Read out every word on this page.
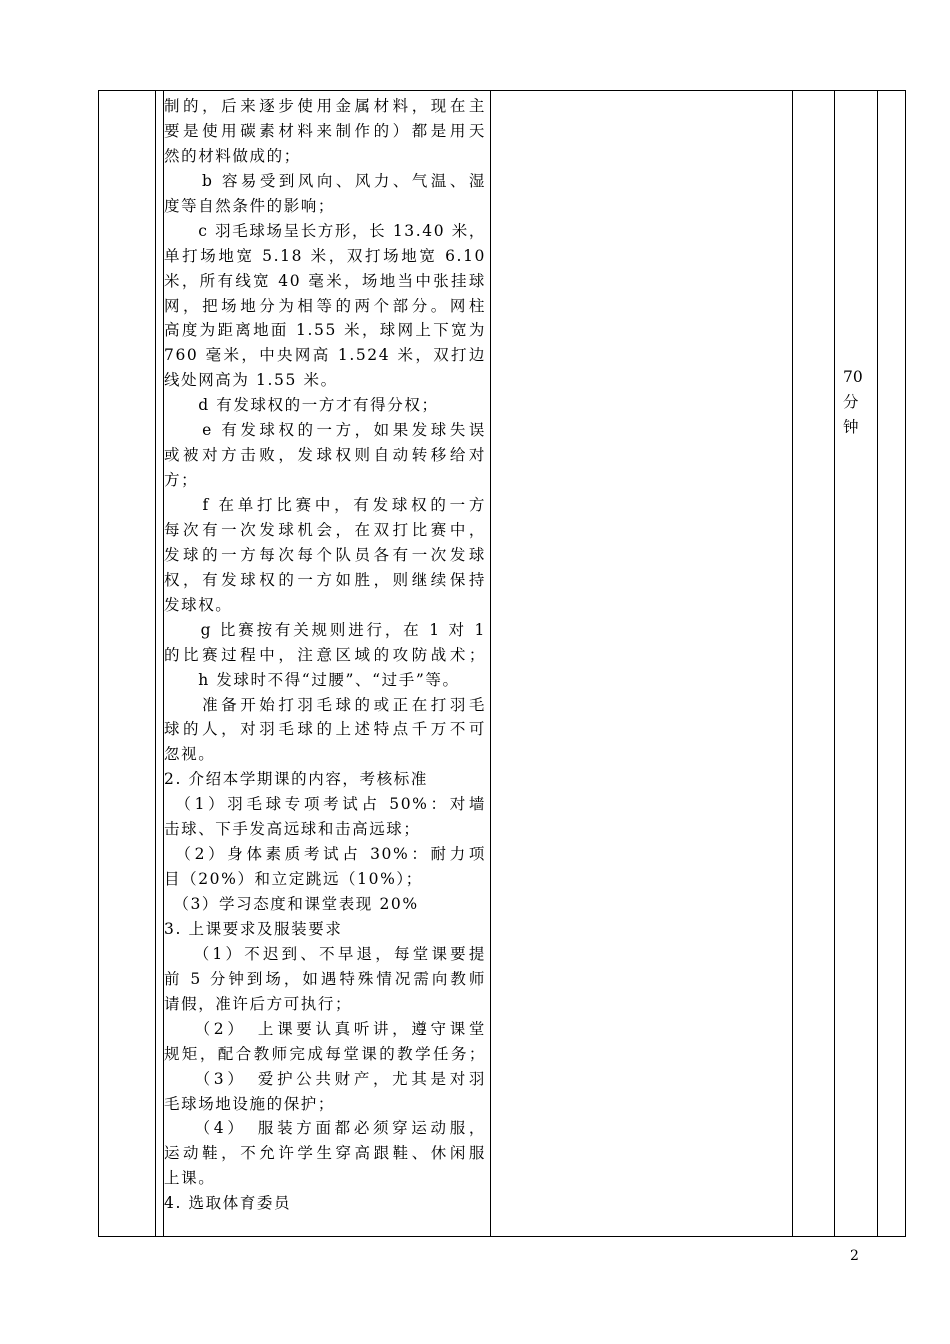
制的，后来逐步使用金属材料，现在主
要是使用碳素材料来制作的）都是用天
然的材料做成的；
　　b 容易受到风向、风力、气温、湿
度等自然条件的影响；
　　c 羽毛球场呈长方形，长 13.40 米，
单打场地宽 5.18 米，双打场地宽 6.10
米，所有线宽 40 毫米，场地当中张挂球
网，把场地分为相等的两个部分。网柱
高度为距离地面 1.55 米，球网上下宽为
760 毫米，中央网高 1.524 米，双打边
线处网高为 1.55 米。
　　d 有发球权的一方才有得分权；
　　e 有发球权的一方，如果发球失误
或被对方击败，发球权则自动转移给对
方；
　　f 在单打比赛中，有发球权的一方
每次有一次发球机会，在双打比赛中，
发球的一方每次每个队员各有一次发球
权，有发球权的一方如胜，则继续保持
发球权。
　　g 比赛按有关规则进行，在 1 对 1
的比赛过程中，注意区域的攻防战术；
　　h 发球时不得“过腰”、“过手”等。
　　准备开始打羽毛球的或正在打羽毛
球的人，对羽毛球的上述特点千万不可
忽视。
2. 介绍本学期课的内容，考核标准
　（1）羽毛球专项考试占 50%：对墙
击球、下手发高远球和击高远球；
　（2）身体素质考试占 30%：耐力项
目（20%）和立定跳远（10%）；
　（3）学习态度和课堂表现 20%
3. 上课要求及服装要求
　　（1）不迟到、不早退，每堂课要提
前 5 分钟到场，如遇特殊情况需向教师
请假，准许后方可执行；
　　（2）　上课要认真听讲，遵守课堂
规矩，配合教师完成每堂课的教学任务；
　　（3）　爱护公共财产，尤其是对羽
毛球场地设施的保护；
　　（4）　服装方面都必须穿运动服，
运动鞋，不允许学生穿高跟鞋、休闲服
上课。
4. 选取体育委员
70
分
钟
2
